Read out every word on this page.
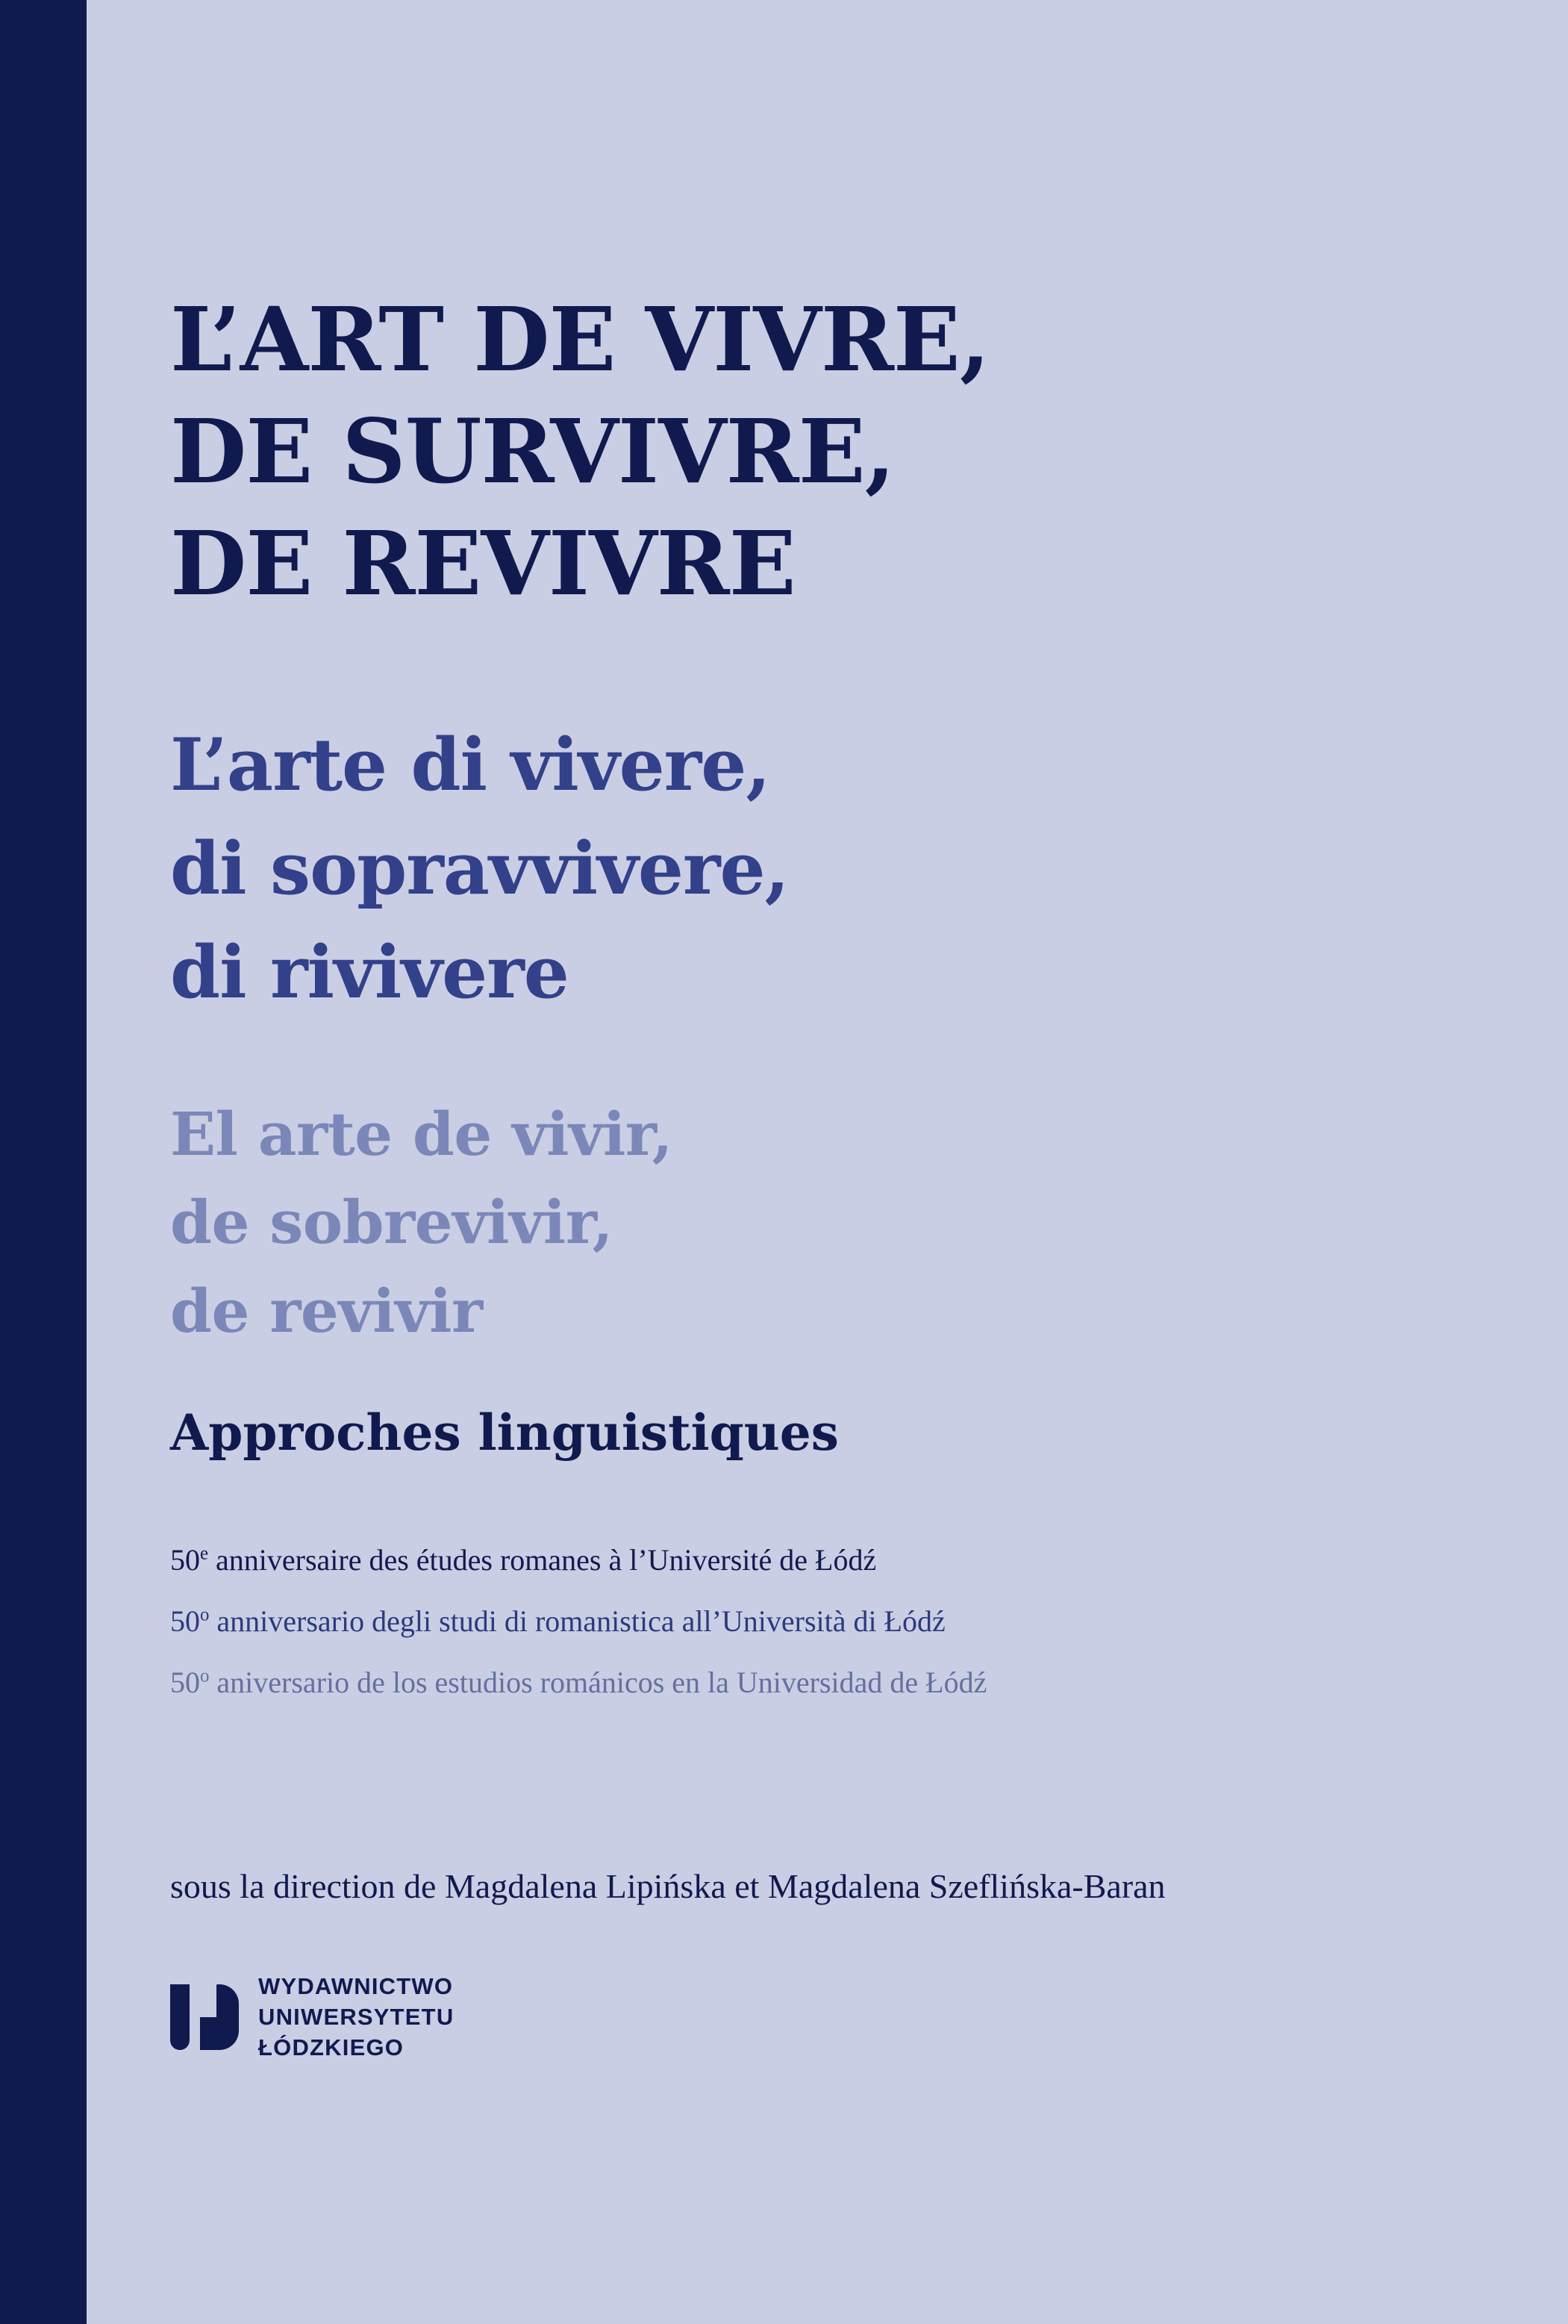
L’ART DE VIVRE,
DE SURVIVRE,
DE REVIVRE
L’arte di vivere,
di sopravvivere,
di rivivere
El arte de vivir,
de sobrevivir,
de revivir
Approches linguistiques
50e anniversaire des études romanes à l’Université de Łódź
50$^o$ anniversario degli studi di romanistica all’Università di Łódź
50$^o$ aniversario de los estudios románicos en la Universidad de Łódź
sous la direction de Magdalena Lipińska et Magdalena Szeflińska-Baran
WYDAWNICTWO
UNIWERSYTETU
ŁÓDZKIEGO
